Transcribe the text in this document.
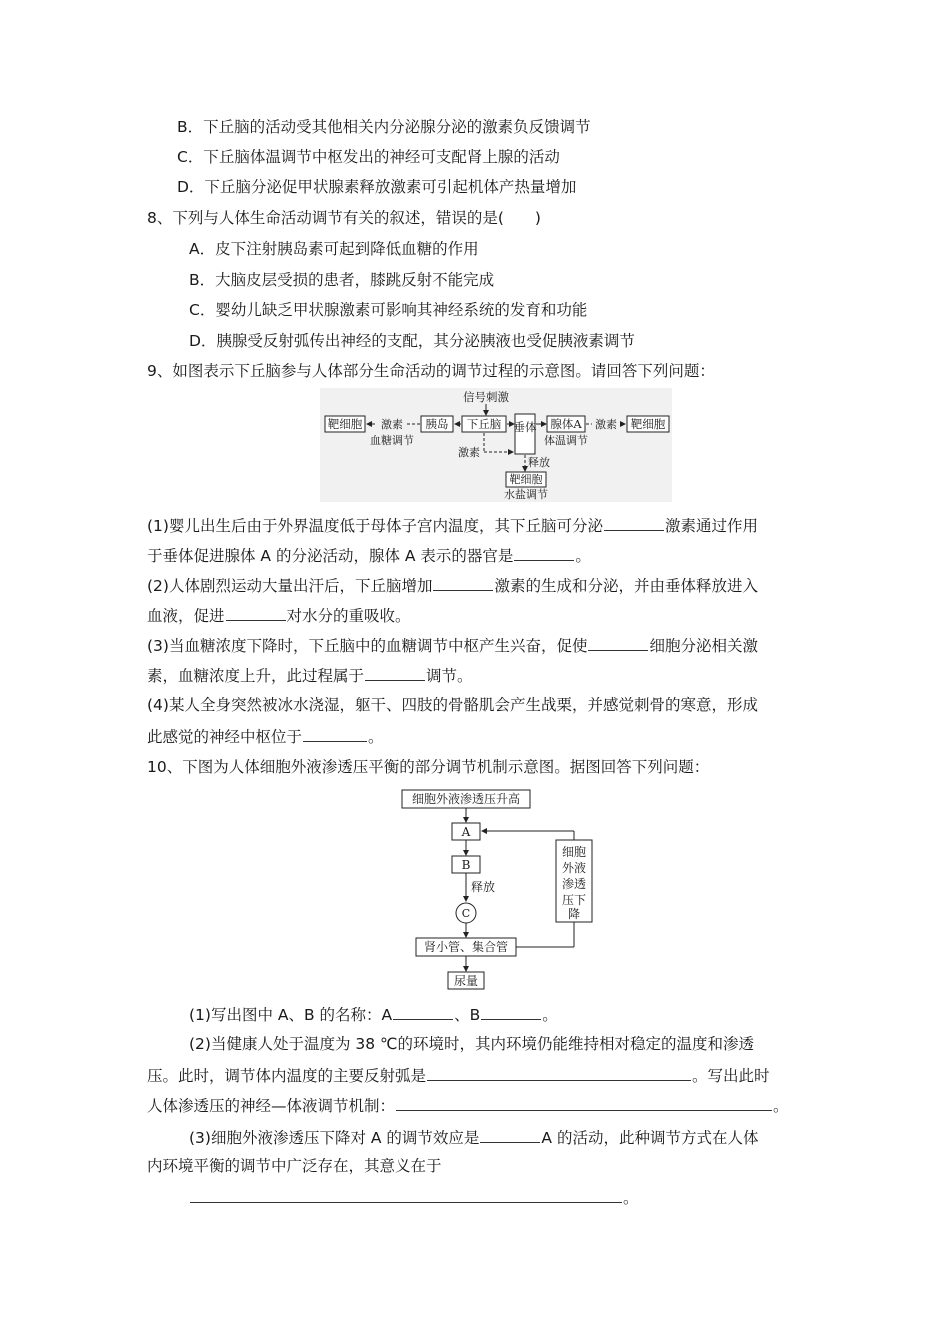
B．下丘脑的活动受其他相关内分泌腺分泌的激素负反馈调节
C．下丘脑体温调节中枢发出的神经可支配肾上腺的活动
D．下丘脑分泌促甲状腺素释放激素可引起机体产热量增加
8、下列与人体生命活动调节有关的叙述，错误的是(　　)
A．皮下注射胰岛素可起到降低血糖的作用
B．大脑皮层受损的患者，膝跳反射不能完成
C．婴幼儿缺乏甲状腺激素可影响其神经系统的发育和功能
D．胰腺受反射弧传出神经的支配，其分泌胰液也受促胰液素调节
9、如图表示下丘脑参与人体部分生命活动的调节过程的示意图。请回答下列问题：
信号刺激
靶细胞	胰岛 下丘脑 垂体 腺体A	靶细胞
激素
血糖调节
激素
体温调节
激素
释放
靶细胞
水盐调节
(1)婴儿出生后由于外界温度低于母体子宫内温度，其下丘脑可分泌	激素通过作用
于垂体促进腺体 A 的分泌活动，腺体 A 表示的器官是	。
(2)人体剧烈运动大量出汗后，下丘脑增加	激素的生成和分泌，并由垂体释放进入
血液，促进	对水分的重吸收。
(3)当血糖浓度下降时，下丘脑中的血糖调节中枢产生兴奋，促使	细胞分泌相关激
素，血糖浓度上升，此过程属于	调节。
(4)某人全身突然被冰水浇湿，躯干、四肢的骨骼肌会产生战栗，并感觉刺骨的寒意，形成
此感觉的神经中枢位于	。
10、下图为人体细胞外液渗透压平衡的部分调节机制示意图。据图回答下列问题：
细胞外液渗透压升高
A
B
释放
C
肾小管、集合管
尿量
细胞
外液
渗透
压下
降
(1)写出图中 A、B 的名称：A	、B	。
(2)当健康人处于温度为 38 ℃的环境时，其内环境仍能维持相对稳定的温度和渗透
压。此时，调节体内温度的主要反射弧是	。写出此时
人体渗透压的神经—体液调节机制：	。
(3)细胞外液渗透压下降对 A 的调节效应是	A 的活动，此种调节方式在人体
内环境平衡的调节中广泛存在，其意义在于
。
